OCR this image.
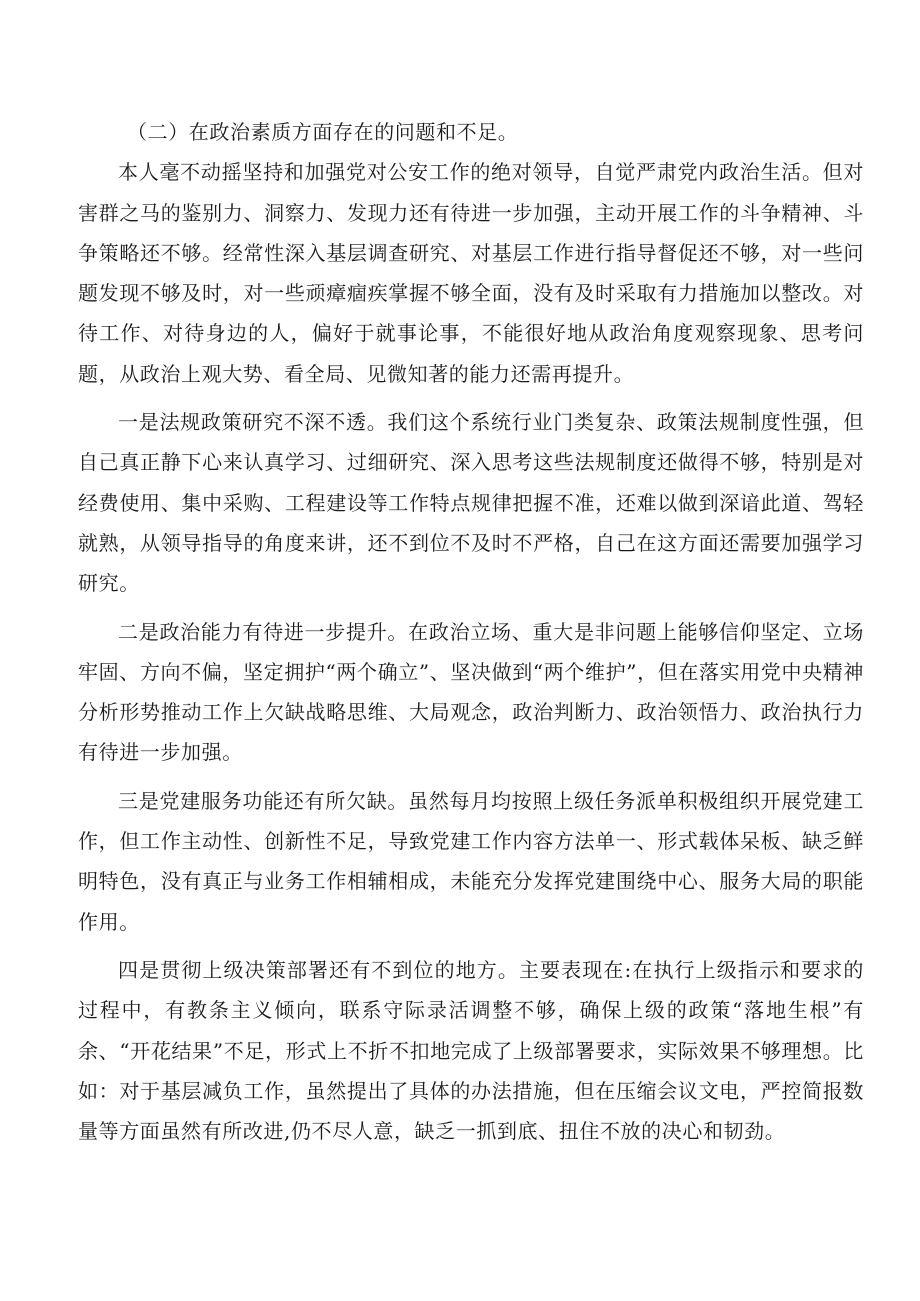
（二）在政治素质方面存在的问题和不足。

本人毫不动摇坚持和加强党对公安工作的绝对领导，自觉严肃党内政治生活。但对害群之马的鉴别力、洞察力、发现力还有待进一步加强，主动开展工作的斗争精神、斗争策略还不够。经常性深入基层调查研究、对基层工作进行指导督促还不够，对一些问题发现不够及时，对一些顽瘴痼疾掌握不够全面，没有及时采取有力措施加以整改。对待工作、对待身边的人，偏好于就事论事，不能很好地从政治角度观察现象、思考问题，从政治上观大势、看全局、见微知著的能力还需再提升。

一是法规政策研究不深不透。我们这个系统行业门类复杂、政策法规制度性强，但自己真正静下心来认真学习、过细研究、深入思考这些法规制度还做得不够，特别是对经费使用、集中采购、工程建设等工作特点规律把握不准，还难以做到深谙此道、驾轻就熟，从领导指导的角度来讲，还不到位不及时不严格，自己在这方面还需要加强学习研究。

二是政治能力有待进一步提升。在政治立场、重大是非问题上能够信仰坚定、立场牢固、方向不偏，坚定拥护“两个确立”、坚决做到“两个维护”，但在落实用党中央精神分析形势推动工作上欠缺战略思维、大局观念，政治判断力、政治领悟力、政治执行力有待进一步加强。

三是党建服务功能还有所欠缺。虽然每月均按照上级任务派单积极组织开展党建工作，但工作主动性、创新性不足，导致党建工作内容方法单一、形式载体呆板、缺乏鲜明特色，没有真正与业务工作相辅相成，未能充分发挥党建围绕中心、服务大局的职能作用。

四是贯彻上级决策部署还有不到位的地方。主要表现在:在执行上级指示和要求的过程中，有教条主义倾向，联系守际录活调整不够，确保上级的政策“落地生根”有余、“开花结果”不足，形式上不折不扣地完成了上级部署要求，实际效果不够理想。比如：对于基层减负工作，虽然提出了具体的办法措施，但在压缩会议文电，严控简报数量等方面虽然有所改进,仍不尽人意，缺乏一抓到底、扭住不放的决心和韧劲。
